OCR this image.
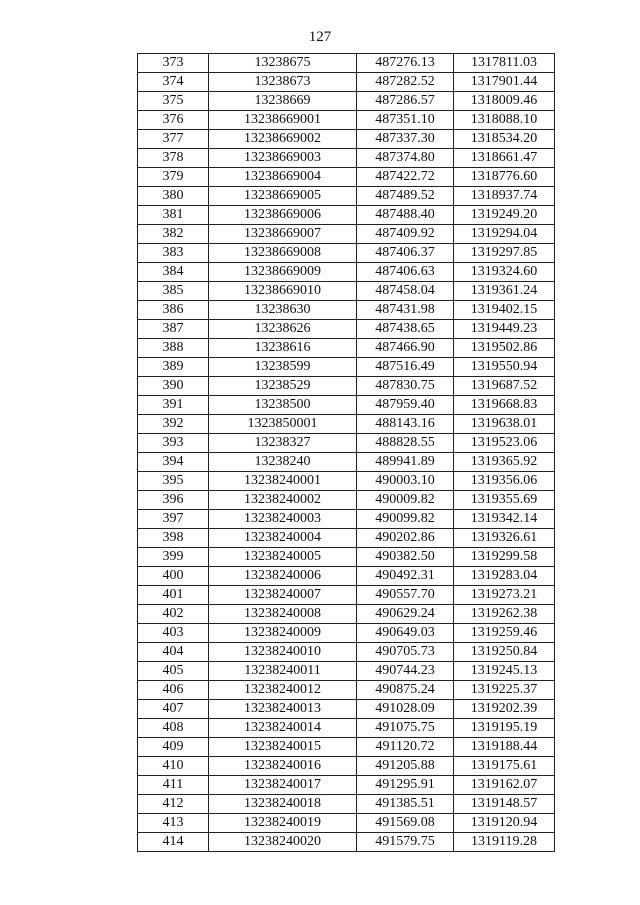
127
373	13238675	487276.13	1317811.03
374	13238673	487282.52	1317901.44
375	13238669	487286.57	1318009.46
376	13238669001	487351.10	1318088.10
377	13238669002	487337.30	1318534.20
378	13238669003	487374.80	1318661.47
379	13238669004	487422.72	1318776.60
380	13238669005	487489.52	1318937.74
381	13238669006	487488.40	1319249.20
382	13238669007	487409.92	1319294.04
383	13238669008	487406.37	1319297.85
384	13238669009	487406.63	1319324.60
385	13238669010	487458.04	1319361.24
386	13238630	487431.98	1319402.15
387	13238626	487438.65	1319449.23
388	13238616	487466.90	1319502.86
389	13238599	487516.49	1319550.94
390	13238529	487830.75	1319687.52
391	13238500	487959.40	1319668.83
392	1323850001	488143.16	1319638.01
393	13238327	488828.55	1319523.06
394	13238240	489941.89	1319365.92
395	13238240001	490003.10	1319356.06
396	13238240002	490009.82	1319355.69
397	13238240003	490099.82	1319342.14
398	13238240004	490202.86	1319326.61
399	13238240005	490382.50	1319299.58
400	13238240006	490492.31	1319283.04
401	13238240007	490557.70	1319273.21
402	13238240008	490629.24	1319262.38
403	13238240009	490649.03	1319259.46
404	13238240010	490705.73	1319250.84
405	13238240011	490744.23	1319245.13
406	13238240012	490875.24	1319225.37
407	13238240013	491028.09	1319202.39
408	13238240014	491075.75	1319195.19
409	13238240015	491120.72	1319188.44
410	13238240016	491205.88	1319175.61
411	13238240017	491295.91	1319162.07
412	13238240018	491385.51	1319148.57
413	13238240019	491569.08	1319120.94
414	13238240020	491579.75	1319119.28
